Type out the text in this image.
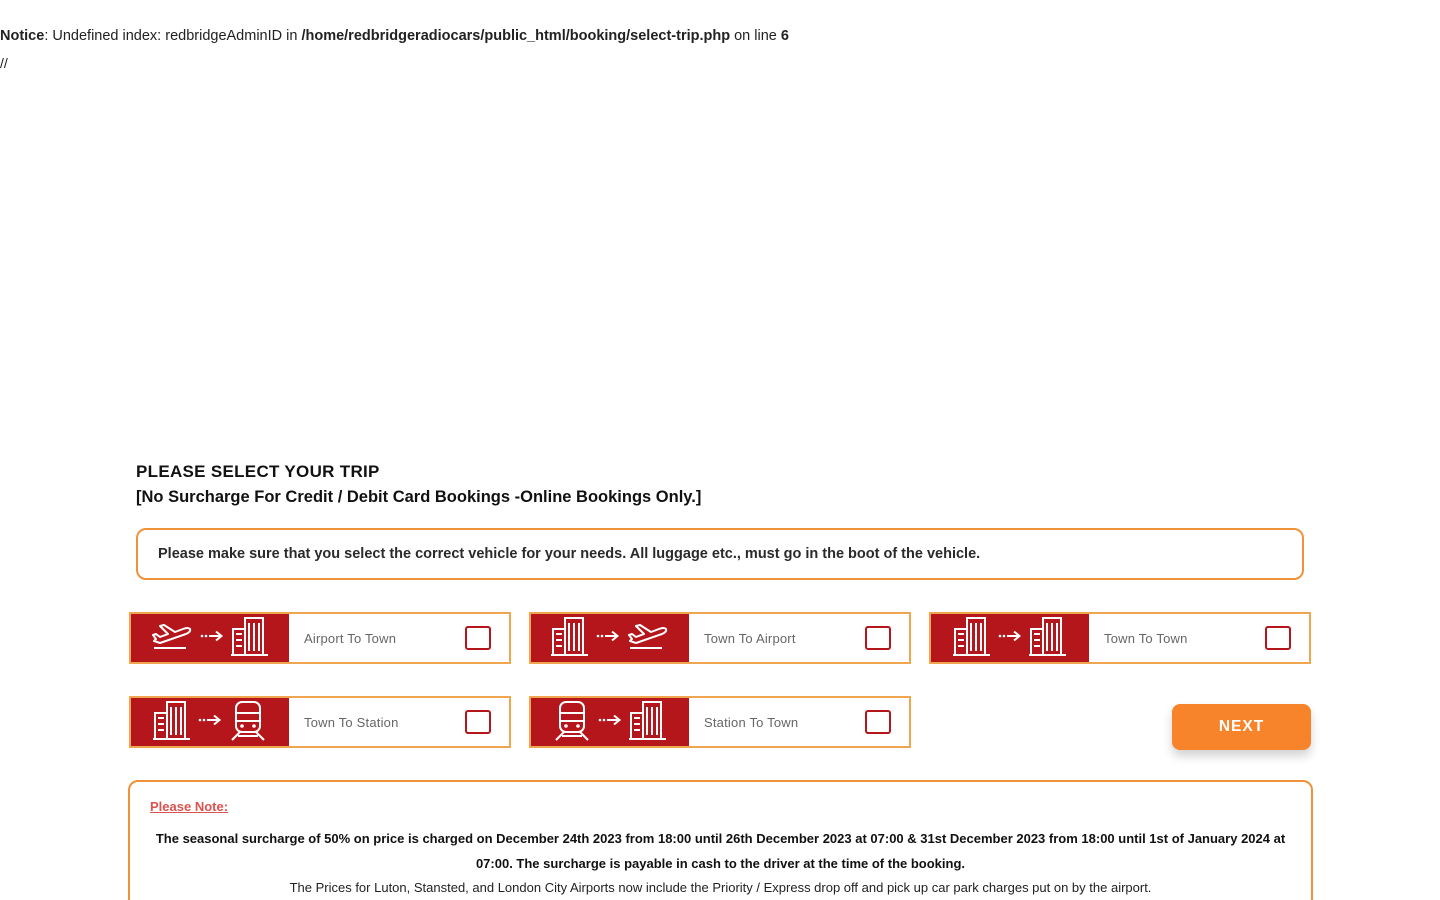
Notice: Undefined index: redbridgeAdminID in /home/redbridgeradiocars/public_html/booking/select-trip.php on line 6
//
PLEASE SELECT YOUR TRIP
[No Surcharge For Credit / Debit Card Bookings -Online Bookings Only.]
Please make sure that you select the correct vehicle for your needs. All luggage etc., must go in the boot of the vehicle.
Airport To Town	Town To Airport	Town To Town
Town To Station	Station To Town	NEXT
Please Note:
The seasonal surcharge of 50% on price is charged on December 24th 2023 from 18:00 until 26th December 2023 at 07:00 & 31st December 2023 from 18:00 until 1st of January 2024 at 07:00. The surcharge is payable in cash to the driver at the time of the booking.
The Prices for Luton, Stansted, and London City Airports now include the Priority / Express drop off and pick up car park charges put on by the airport.
